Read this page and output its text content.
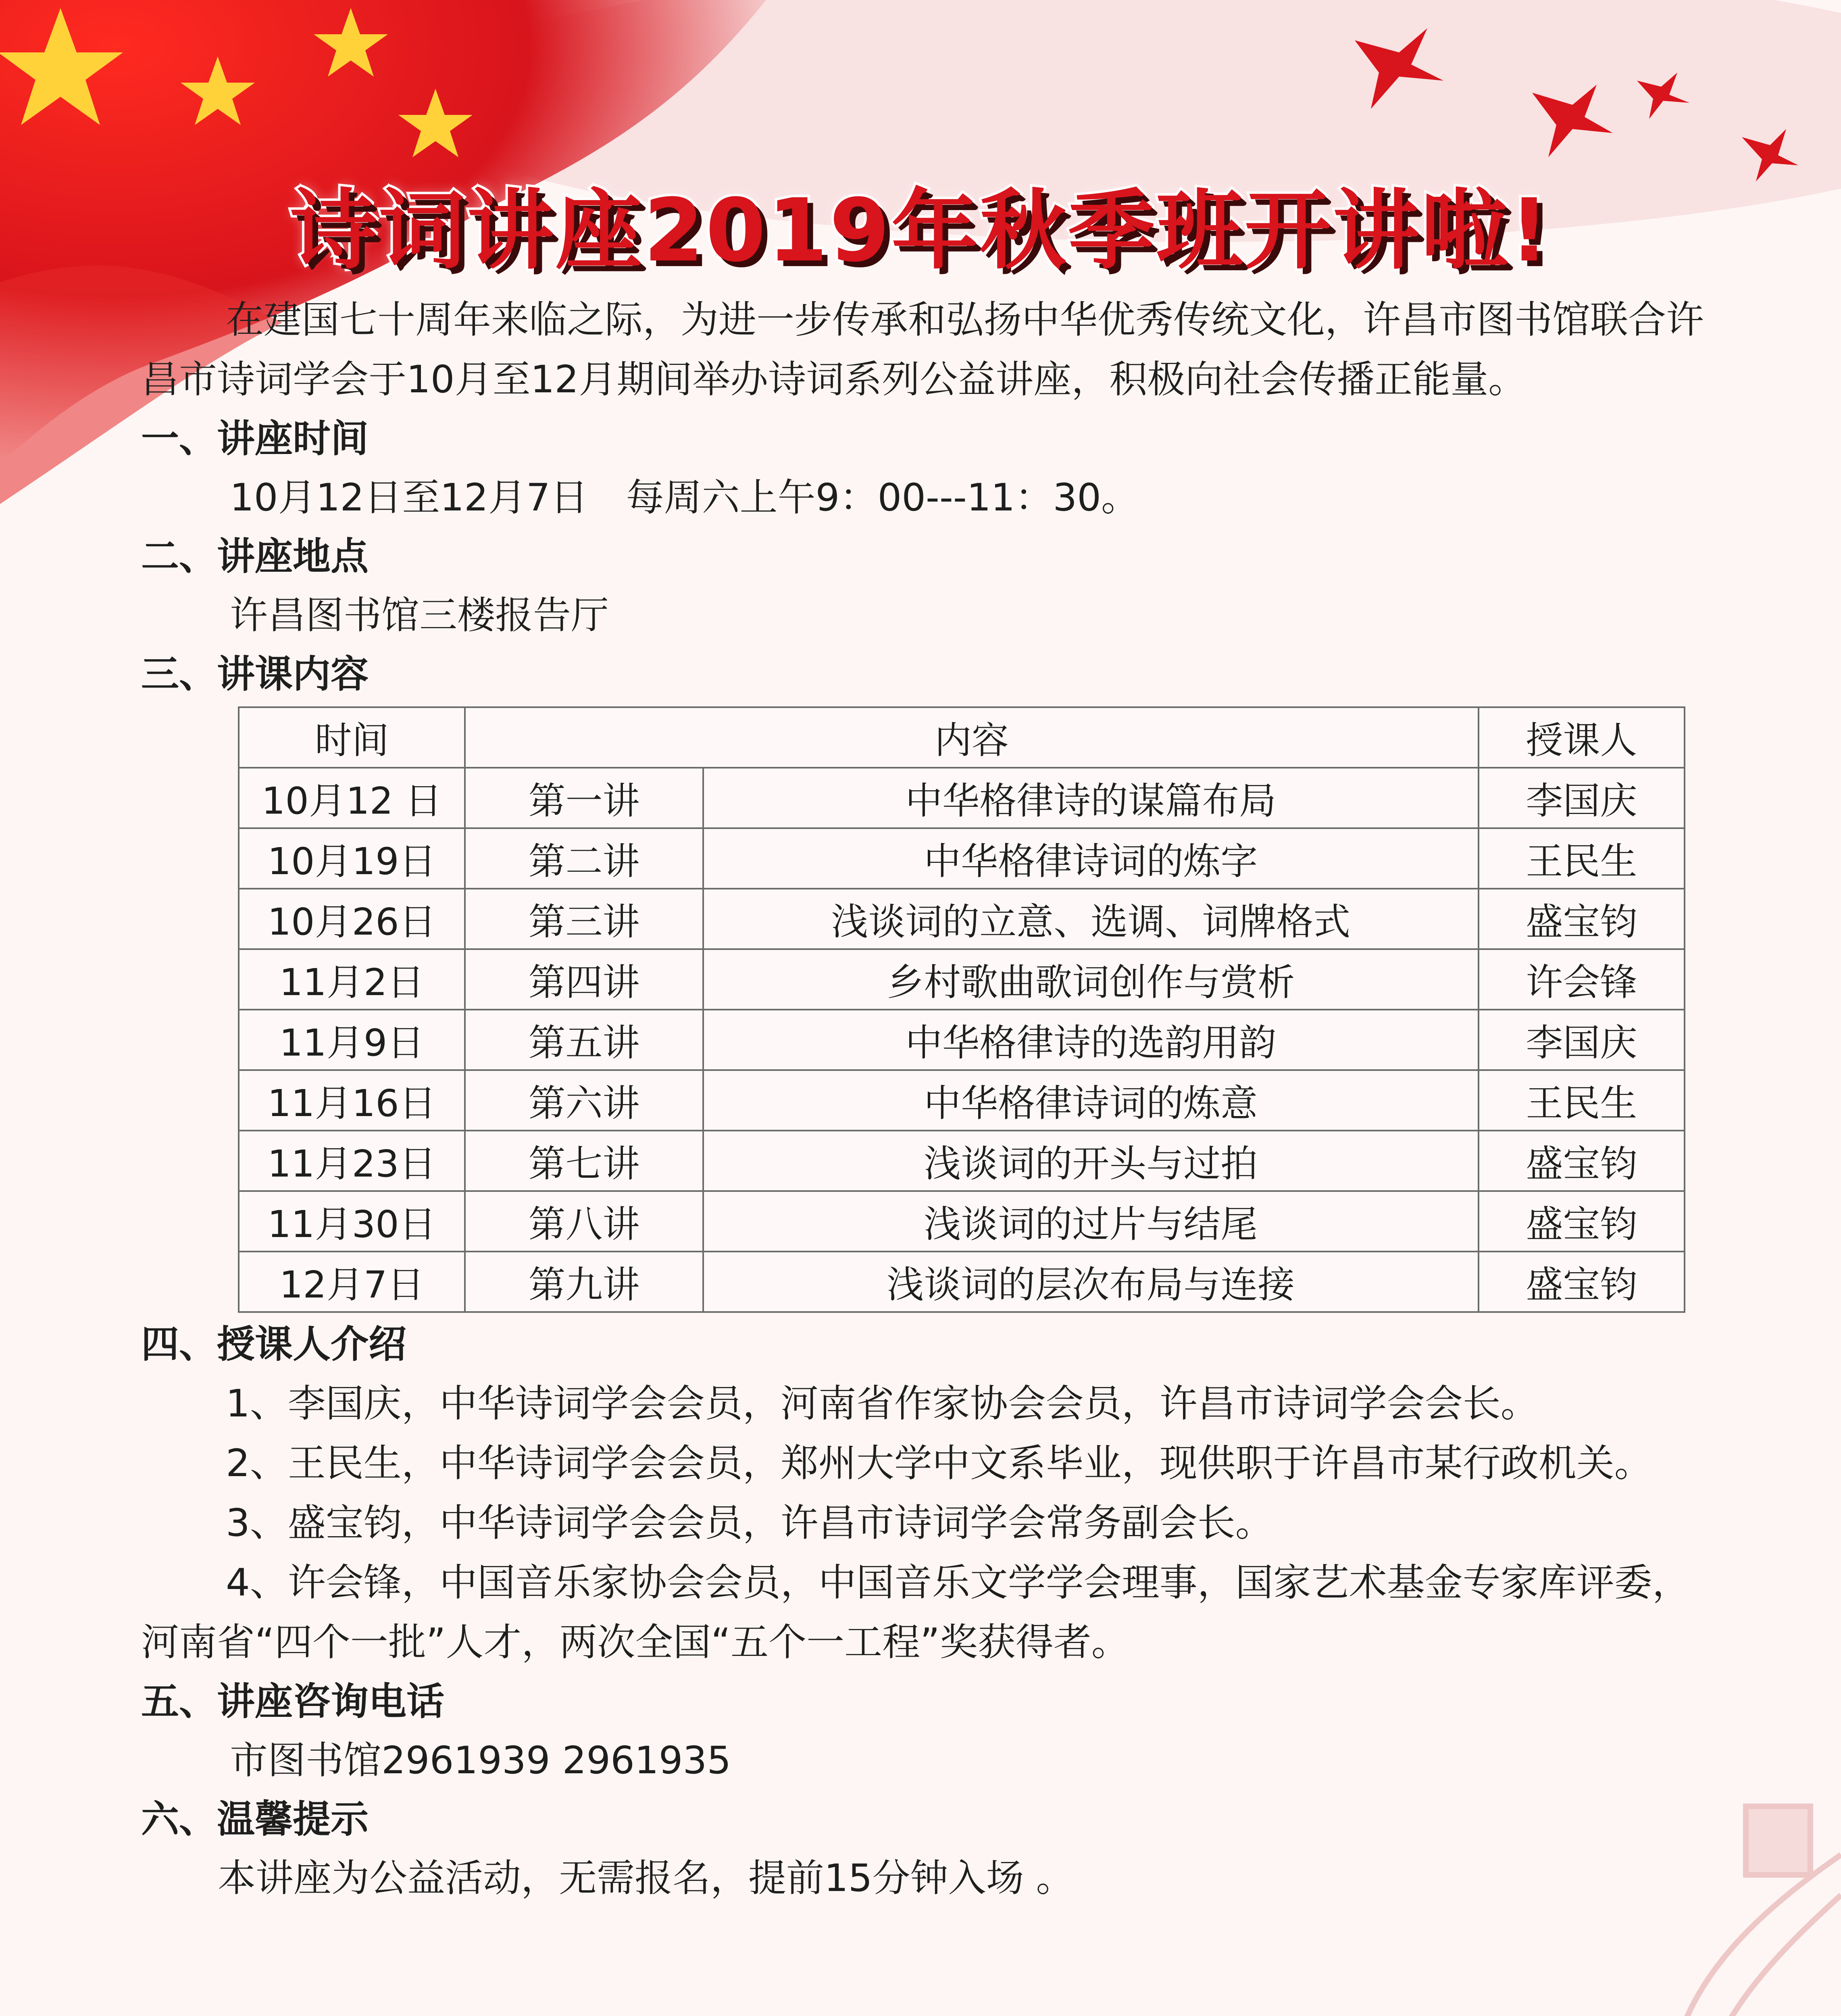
诗词讲座2019年秋季班开讲啦!

在建国七十周年来临之际，为进一步传承和弘扬中华优秀传统文化，许昌市图书馆联合许昌市诗词学会于10月至12月期间举办诗词系列公益讲座，积极向社会传播正能量。

一、讲座时间

10月12日至12月7日　每周六上午9：00---11：30。

二、讲座地点

许昌图书馆三楼报告厅

三、讲课内容

时间	内容		授课人
10月12 日	第一讲	中华格律诗的谋篇布局	李国庆
10月19日	第二讲	中华格律诗词的炼字	王民生
10月26日	第三讲	浅谈词的立意、选调、词牌格式	盛宝钧
11月2日	第四讲	乡村歌曲歌词创作与赏析	许会锋
11月9日	第五讲	中华格律诗的选韵用韵	李国庆
11月16日	第六讲	中华格律诗词的炼意	王民生
11月23日	第七讲	浅谈词的开头与过拍	盛宝钧
11月30日	第八讲	浅谈词的过片与结尾	盛宝钧
12月7日	第九讲	浅谈词的层次布局与连接	盛宝钧

四、授课人介绍

1、李国庆，中华诗词学会会员，河南省作家协会会员，许昌市诗词学会会长。

2、王民生，中华诗词学会会员，郑州大学中文系毕业，现供职于许昌市某行政机关。

3、盛宝钧，中华诗词学会会员，许昌市诗词学会常务副会长。

4、许会锋，中国音乐家协会会员，中国音乐文学学会理事，国家艺术基金专家库评委，河南省“四个一批”人才，两次全国“五个一工程”奖获得者。

五、讲座咨询电话

市图书馆2961939 2961935

六、温馨提示

本讲座为公益活动，无需报名，提前15分钟入场 。
